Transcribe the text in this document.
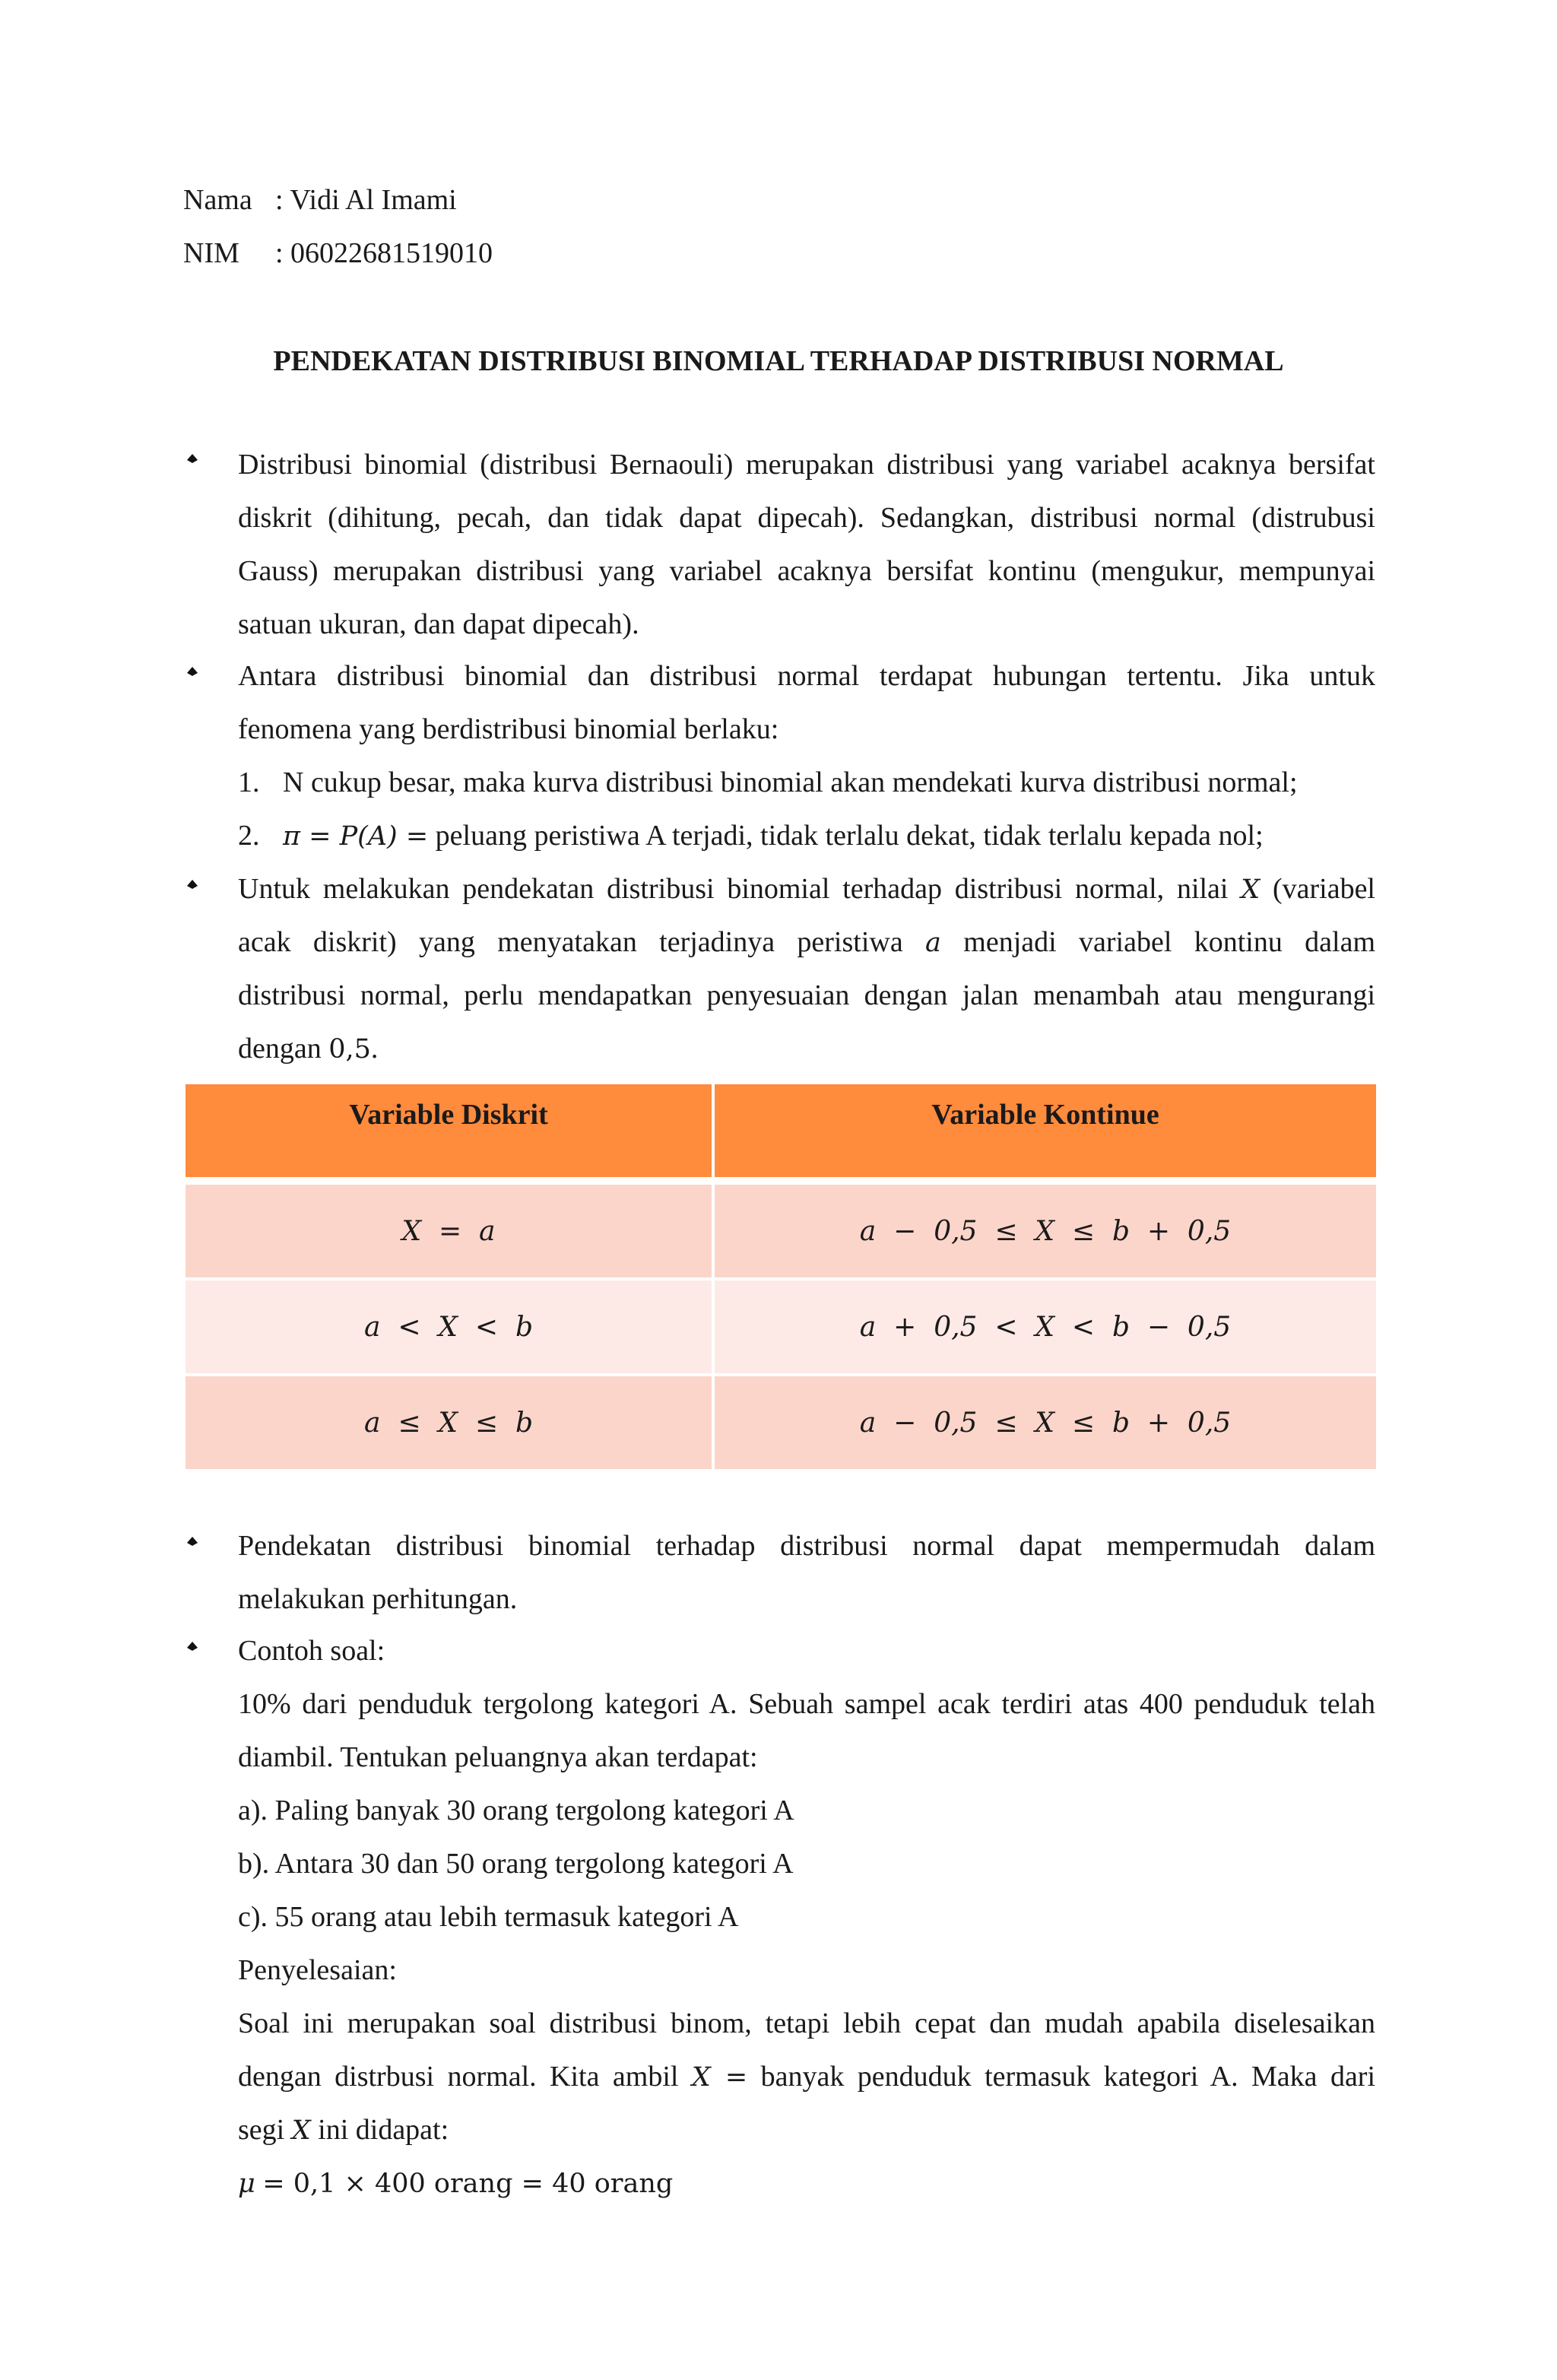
Nama : Vidi Al Imami
NIM : 06022681519010
PENDEKATAN DISTRIBUSI BINOMIAL TERHADAP DISTRIBUSI NORMAL
Distribusi binomial (distribusi Bernaouli) merupakan distribusi yang variabel acaknya bersifat
diskrit (dihitung, pecah, dan tidak dapat dipecah). Sedangkan, distribusi normal (distrubusi
Gauss) merupakan distribusi yang variabel acaknya bersifat kontinu (mengukur, mempunyai
satuan ukuran, dan dapat dipecah).
Antara distribusi binomial dan distribusi normal terdapat hubungan tertentu. Jika untuk
fenomena yang berdistribusi binomial berlaku:
1. N cukup besar, maka kurva distribusi binomial akan mendekati kurva distribusi normal;
2. π = P(A) = peluang peristiwa A terjadi, tidak terlalu dekat, tidak terlalu kepada nol;
Untuk melakukan pendekatan distribusi binomial terhadap distribusi normal, nilai X (variabel
acak diskrit) yang menyatakan terjadinya peristiwa a menjadi variabel kontinu dalam
distribusi normal, perlu mendapatkan penyesuaian dengan jalan menambah atau mengurangi
dengan 0,5.
Variable Diskrit	Variable Kontinue
X  =  a	a  −  0,5  ≤  X  ≤  b  +  0,5
a  <  X  <  b	a  +  0,5  <  X  <  b  −  0,5
a  ≤  X  ≤  b	a  −  0,5  ≤  X  ≤  b  +  0,5
Pendekatan distribusi binomial terhadap distribusi normal dapat mempermudah dalam
melakukan perhitungan.
Contoh soal:
10% dari penduduk tergolong kategori A. Sebuah sampel acak terdiri atas 400 penduduk telah
diambil. Tentukan peluangnya akan terdapat:
a). Paling banyak 30 orang tergolong kategori A
b). Antara 30 dan 50 orang tergolong kategori A
c). 55 orang atau lebih termasuk kategori A
Penyelesaian:
Soal ini merupakan soal distribusi binom, tetapi lebih cepat dan mudah apabila diselesaikan
dengan distrbusi normal. Kita ambil X = banyak penduduk termasuk kategori A. Maka dari
segi X ini didapat:
μ = 0,1 × 400 orang = 40 orang
